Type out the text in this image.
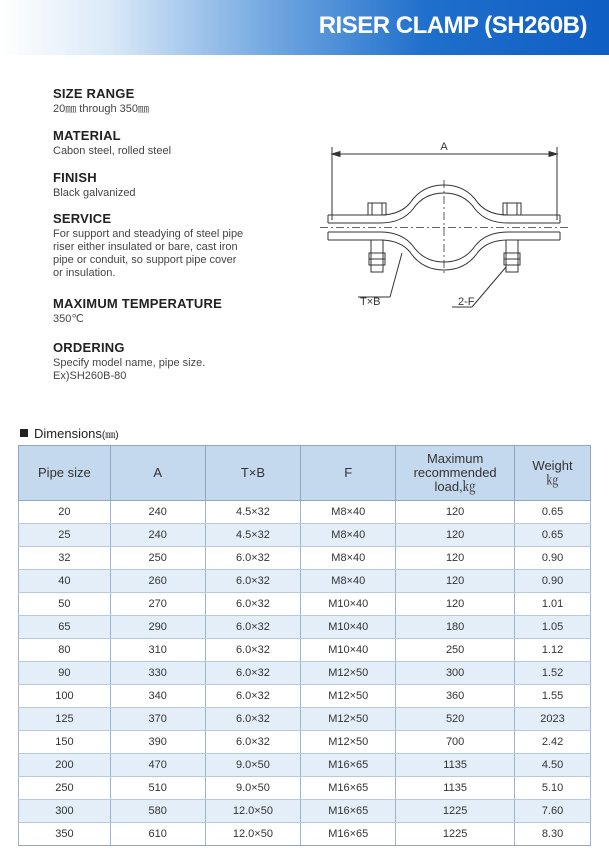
RISER CLAMP (SH260B)
SIZE RANGE
20㎜ through 350㎜
MATERIAL
Cabon steel, rolled steel
FINISH
Black galvanized
SERVICE
For support and steadying of steel pipe
riser either insulated or bare, cast iron
pipe or conduit, so support pipe cover
or insulation.
MAXIMUM TEMPERATURE
350℃
ORDERING
Specify model name, pipe size.
Ex)SH260B-80
A
T×B	2-F
Dimensions(㎜)
Pipe size	A	T×B	F	Maximum
recommended
load,㎏	Weight
㎏

20	240	4.5×32	M8×40	120	0.65
25	240	4.5×32	M8×40	120	0.65
32	250	6.0×32	M8×40	120	0.90
40	260	6.0×32	M8×40	120	0.90
50	270	6.0×32	M10×40	120	1.01
65	290	6.0×32	M10×40	180	1.05
80	310	6.0×32	M10×40	250	1.12
90	330	6.0×32	M12×50	300	1.52
100	340	6.0×32	M12×50	360	1.55
125	370	6.0×32	M12×50	520	2023
150	390	6.0×32	M12×50	700	2.42
200	470	9.0×50	M16×65	1135	4.50
250	510	9.0×50	M16×65	1135	5.10
300	580	12.0×50	M16×65	1225	7.60
350	610	12.0×50	M16×65	1225	8.30
